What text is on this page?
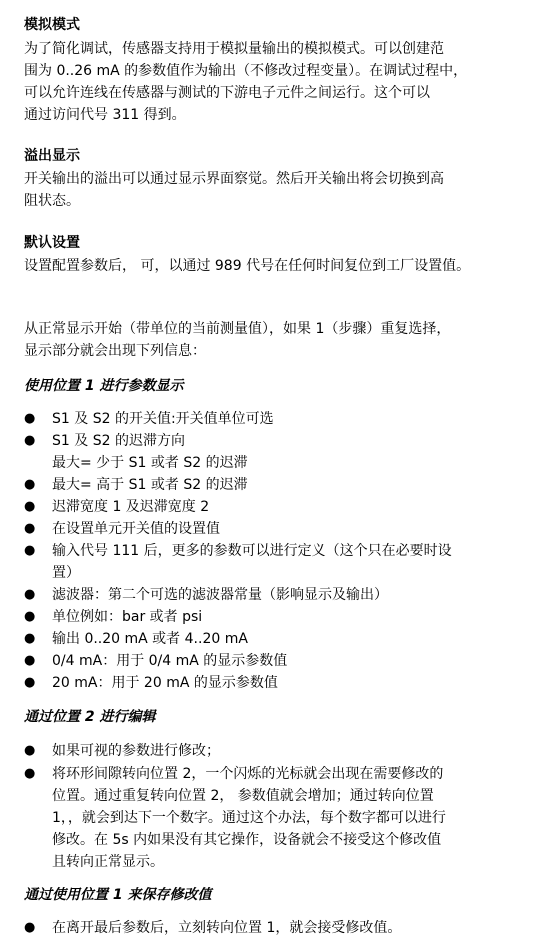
模拟模式
为了简化调试，传感器支持用于模拟量输出的模拟模式。可以创建范
围为 0..26 mA 的参数值作为输出（不修改过程变量）。在调试过程中，
可以允许连线在传感器与测试的下游电子元件之间运行。这个可以
通过访问代号 311 得到。
溢出显示
开关输出的溢出可以通过显示界面察觉。然后开关输出将会切换到高
阻状态。
默认设置
设置配置参数后， 可，以通过 989 代号在任何时间复位到工厂设置值。
从正常显示开始（带单位的当前测量值），如果 1（步骤）重复选择，
显示部分就会出现下列信息：
使用位置 1 进行参数显示
● S1 及 S2 的开关值:开关值单位可选
● S1 及 S2 的迟滞方向
最大= 少于 S1 或者 S2 的迟滞
● 最大= 高于 S1 或者 S2 的迟滞
● 迟滞宽度 1 及迟滞宽度 2
● 在设置单元开关值的设置值
● 输入代号 111 后，更多的参数可以进行定义（这个只在必要时设
置）
● 滤波器：第二个可选的滤波器常量（影响显示及输出）
● 单位例如：bar 或者 psi
● 输出 0..20 mA 或者 4..20 mA
● 0/4 mA：用于 0/4 mA 的显示参数值
● 20 mA：用于 20 mA 的显示参数值
通过位置 2 进行编辑
● 如果可视的参数进行修改；
● 将环形间隙转向位置 2，一个闪烁的光标就会出现在需要修改的
位置。通过重复转向位置 2， 参数值就会增加；通过转向位置
1，，就会到达下一个数字。通过这个办法，每个数字都可以进行
修改。在 5s 内如果没有其它操作，设备就会不接受这个修改值
且转向正常显示。
通过使用位置 1 来保存修改值
● 在离开最后参数后，立刻转向位置 1，就会接受修改值。
